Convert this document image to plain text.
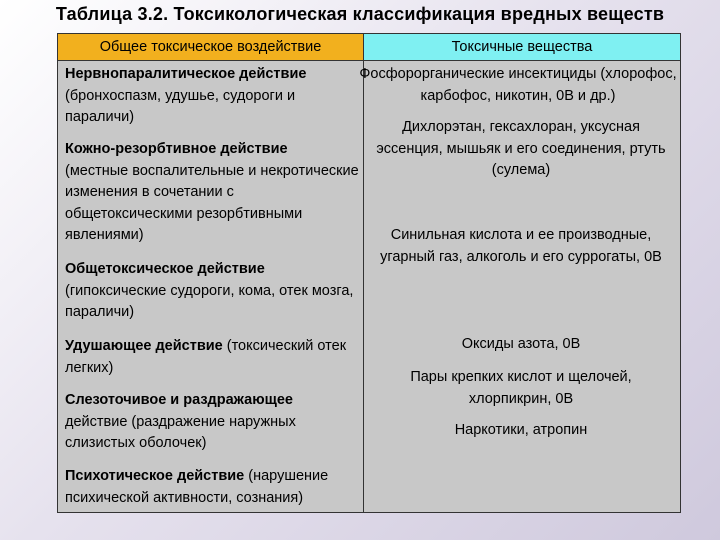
Таблица 3.2. Токсикологическая классификация вредных веществ
Общее токсическое воздействие	Токсичные вещества
Нервнопаралитическое действие
(бронхоспазм, удушье, судороги и параличи)
Кожно-резорбтивное действие
(местные воспалительные и некротические изменения в сочетании с общетоксическими резорбтивными явлениями)
Общетоксическое действие
(гипоксические судороги, кома, отек мозга, параличи)
Удушающее действие (токсический отек легких)
Слезоточивое и раздражающее
действие (раздражение наружных слизистых оболочек)
Психотическое действие (нарушение психической активности, сознания)
Фосфорорганические инсектициды (хлорофос, карбофос, никотин, 0В и др.)
Дихлорэтан, гексахлоран, уксусная эссенция, мышьяк и его соединения, ртуть (сулема)
Синильная кислота и ее производные, угарный газ, алкоголь и его суррогаты, 0В
Оксиды азота, 0В
Пары крепких кислот и щелочей, хлорпикрин, 0В
Наркотики, атропин
